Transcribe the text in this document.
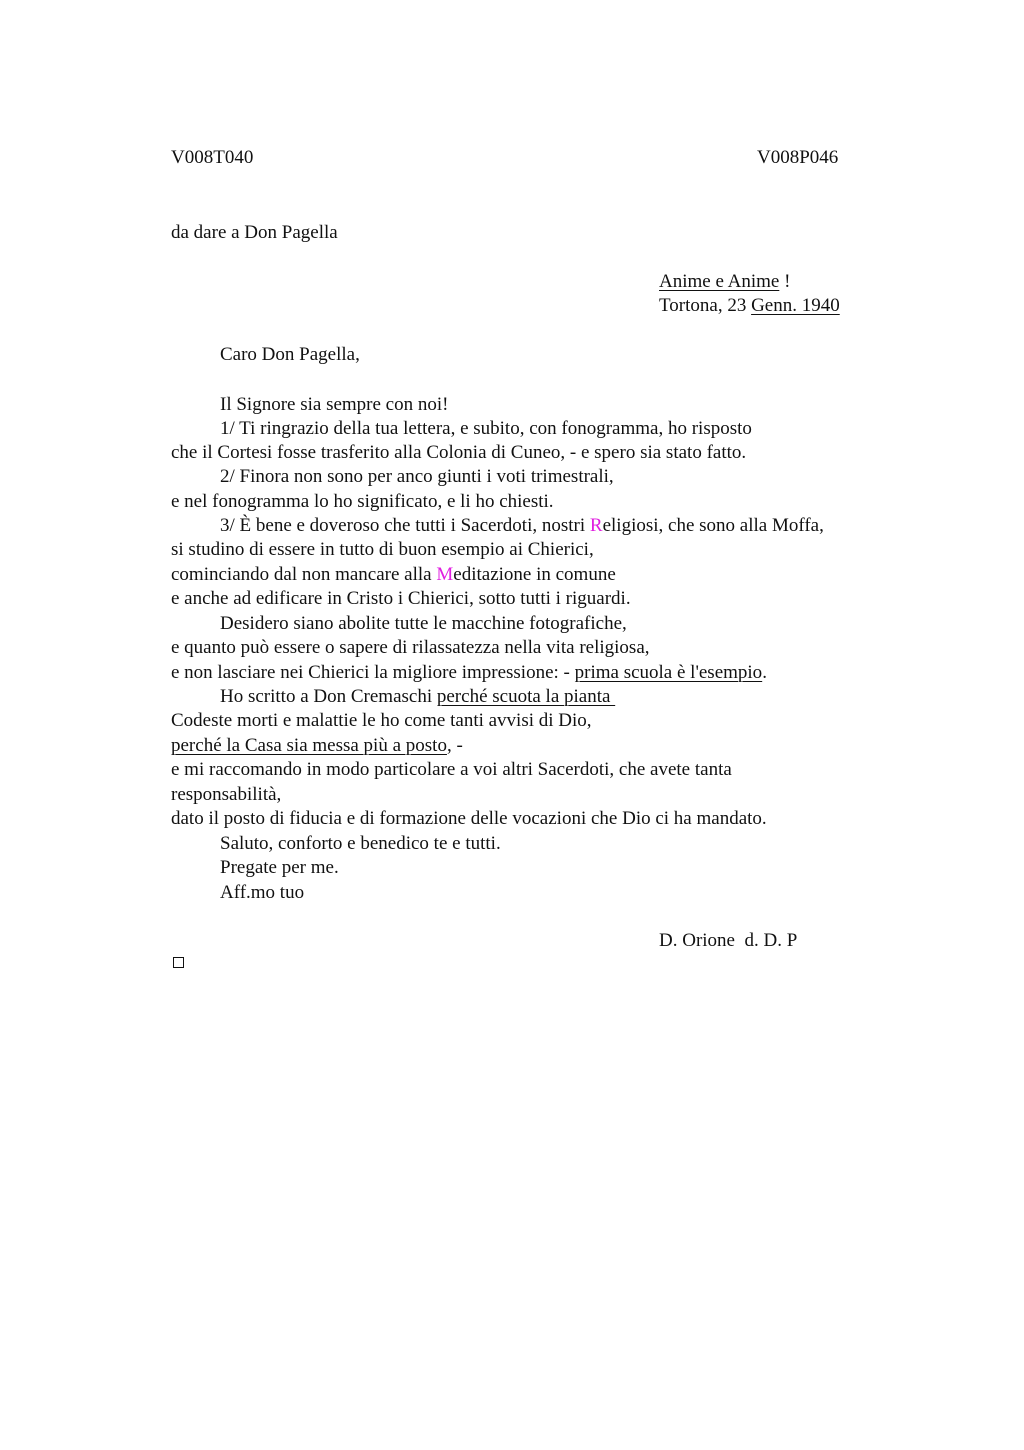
V008T040	V008P046
da dare a Don Pagella
Anime e Anime !
Tortona, 23 Genn. 1940
Caro Don Pagella,
Il Signore sia sempre con noi!
1/ Ti ringrazio della tua lettera, e subito, con fonogramma, ho risposto
che il Cortesi fosse trasferito alla Colonia di Cuneo, - e spero sia stato fatto.
2/ Finora non sono per anco giunti i voti trimestrali,
e nel fonogramma lo ho significato, e li ho chiesti.
3/ È bene e doveroso che tutti i Sacerdoti, nostri Religiosi, che sono alla Moffa,
si studino di essere in tutto di buon esempio ai Chierici,
cominciando dal non mancare alla Meditazione in comune
e anche ad edificare in Cristo i Chierici, sotto tutti i riguardi.
Desidero siano abolite tutte le macchine fotografiche,
e quanto può essere o sapere di rilassatezza nella vita religiosa,
e non lasciare nei Chierici la migliore impressione: - prima scuola è l'esempio.
Ho scritto a Don Cremaschi perché scuota la pianta
Codeste morti e malattie le ho come tanti avvisi di Dio,
perché la Casa sia messa più a posto, -
e mi raccomando in modo particolare a voi altri Sacerdoti, che avete tanta
responsabilità,
dato il posto di fiducia e di formazione delle vocazioni che Dio ci ha mandato.
Saluto, conforto e benedico te e tutti.
Pregate per me.
Aff.mo tuo
D. Orione  d. D. P
